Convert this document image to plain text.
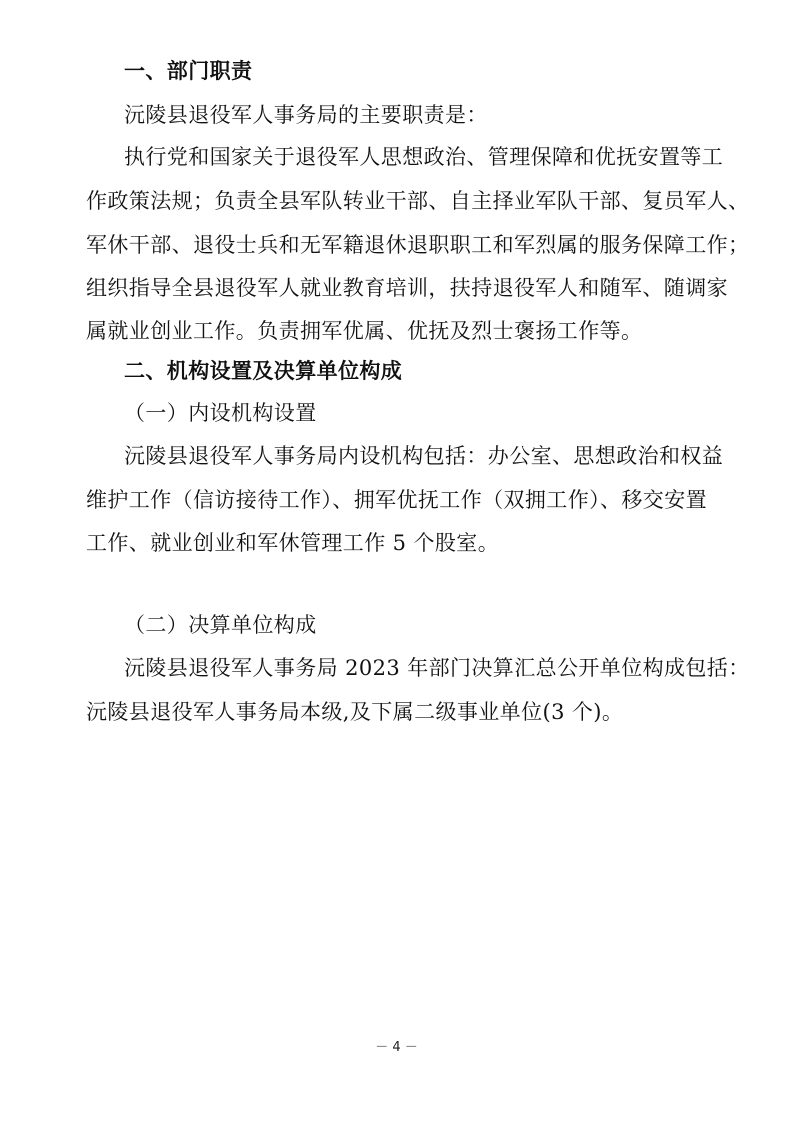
一、部门职责
沅陵县退役军人事务局的主要职责是：
执行党和国家关于退役军人思想政治、管理保障和优抚安置等工
作政策法规；负责全县军队转业干部、自主择业军队干部、复员军人、
军休干部、退役士兵和无军籍退休退职职工和军烈属的服务保障工作；
组织指导全县退役军人就业教育培训，扶持退役军人和随军、随调家
属就业创业工作。负责拥军优属、优抚及烈士褒扬工作等。
二、机构设置及决算单位构成
（一）内设机构设置
沅陵县退役军人事务局内设机构包括：办公室、思想政治和权益
维护工作（信访接待工作）、拥军优抚工作（双拥工作）、移交安置
工作、就业创业和军休管理工作 5 个股室。
（二）决算单位构成
沅陵县退役军人事务局 2023 年部门决算汇总公开单位构成包括：
沅陵县退役军人事务局本级,及下属二级事业单位(3 个)。
－ 4 －
